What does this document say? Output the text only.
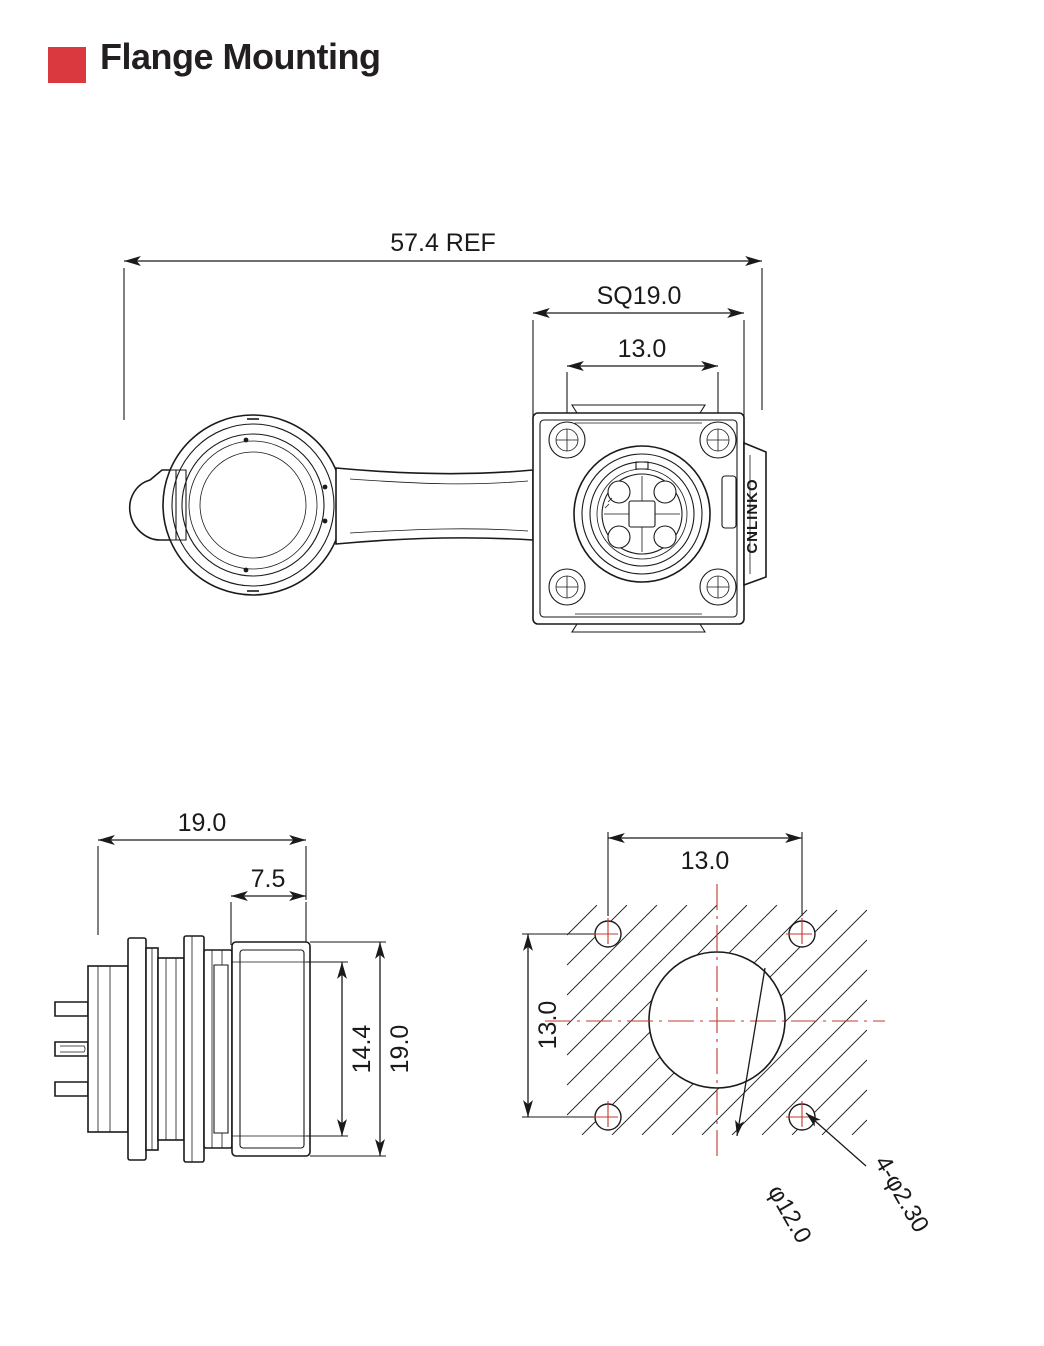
Flange Mounting
57.4 REF
SQ19.0
13.0
CNLINKO
19.0
7.5
19.0
14.4
13.0
13.0
φ12.0 4-φ2.30
